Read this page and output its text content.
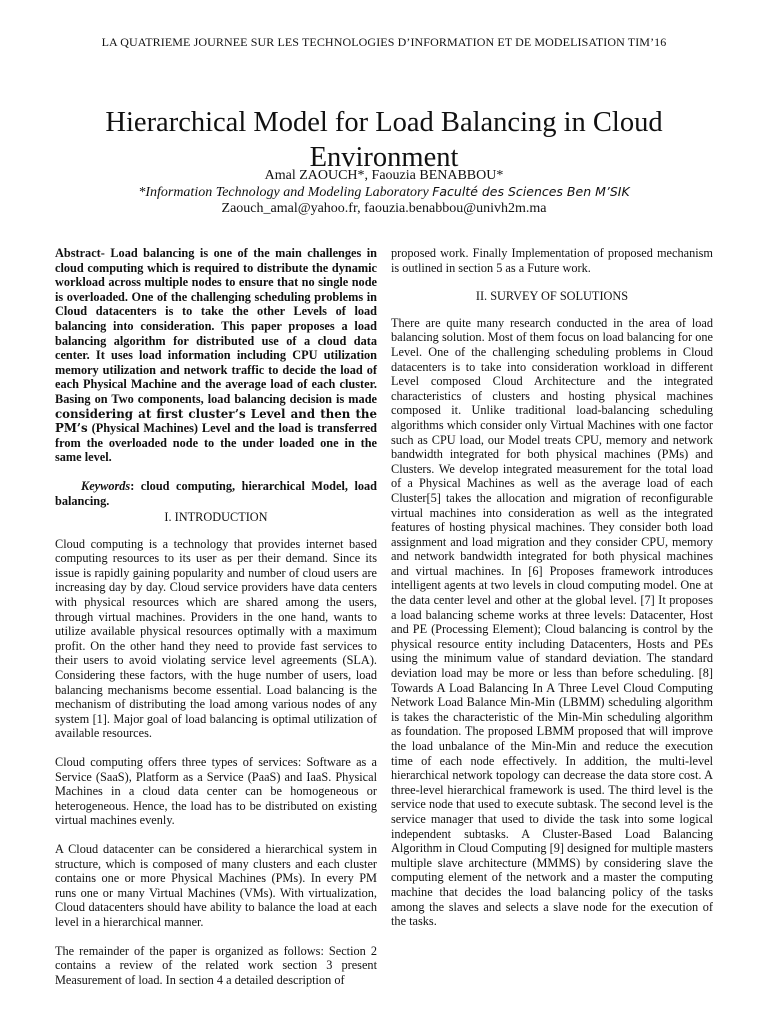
LA QUATRIEME JOURNEE SUR LES TECHNOLOGIES D’INFORMATION ET DE MODELISATION TIM’16
Hierarchical Model for Load Balancing in Cloud Environment
Amal ZAOUCH*, Faouzia BENABBOU*
*Information Technology and Modeling Laboratory Faculté des Sciences Ben M’SIK
Zaouch_amal@yahoo.fr, faouzia.benabbou@univh2m.ma

Abstract- Load balancing is one of the main challenges in cloud computing which is required to distribute the dynamic workload across multiple nodes to ensure that no single node is overloaded. One of the challenging scheduling problems in Cloud datacenters is to take the other Levels of load balancing into consideration. This paper proposes a load balancing algorithm for distributed use of a cloud data center. It uses load information including CPU utilization memory utilization and network traffic to decide the load of each Physical Machine and the average load of each cluster. Basing on Two components, load balancing decision is made considering at first cluster’s Level and then the PM’s (Physical Machines) Level and the load is transferred from the overloaded node to the under loaded one in the same level.

Keywords: cloud computing, hierarchical Model, load balancing.

I. INTRODUCTION

Cloud computing is a technology that provides internet based computing resources to its user as per their demand. Since its issue is rapidly gaining popularity and number of cloud users are increasing day by day. Cloud service providers have data centers with physical resources which are shared among the users, through virtual machines. Providers in the one hand, wants to utilize available physical resources optimally with a maximum profit. On the other hand they need to provide fast services to their users to avoid violating service level agreements (SLA). Considering these factors, with the huge number of users, load balancing mechanisms become essential. Load balancing is the mechanism of distributing the load among various nodes of any system [1]. Major goal of load balancing is optimal utilization of available resources.

Cloud computing offers three types of services: Software as a Service (SaaS), Platform as a Service (PaaS) and IaaS. Physical Machines in a cloud data center can be homogeneous or heterogeneous. Hence, the load has to be distributed on existing virtual machines evenly.

A Cloud datacenter can be considered a hierarchical system in structure, which is composed of many clusters and each cluster contains one or more Physical Machines (PMs). In every PM runs one or many Virtual Machines (VMs). With virtualization, Cloud datacenters should have ability to balance the load at each level in a hierarchical manner.

The remainder of the paper is organized as follows: Section 2 contains a review of the related work section 3 present Measurement of load. In section 4 a detailed description of

proposed work. Finally Implementation of proposed mechanism is outlined in section 5 as a Future work.

II. SURVEY OF SOLUTIONS

There are quite many research conducted in the area of load balancing solution. Most of them focus on load balancing for one Level. One of the challenging scheduling problems in Cloud datacenters is to take into consideration workload in different Level composed Cloud Architecture and the integrated characteristics of clusters and hosting physical machines composed it. Unlike traditional load-balancing scheduling algorithms which consider only Virtual Machines with one factor such as CPU load, our Model treats CPU, memory and network bandwidth integrated for both physical machines (PMs) and Clusters. We develop integrated measurement for the total load of a Physical Machines as well as the average load of each Cluster[5] takes the allocation and migration of reconfigurable virtual machines into consideration as well as the integrated features of hosting physical machines. They consider both load assignment and load migration and they consider CPU, memory and network bandwidth integrated for both physical machines and virtual machines. In [6] Proposes framework introduces intelligent agents at two levels in cloud computing model. One at the data center level and other at the global level. [7] It proposes a load balancing scheme works at three levels: Datacenter, Host and PE (Processing Element); Cloud balancing is control by the physical resource entity including Datacenters, Hosts and PEs using the minimum value of standard deviation. The standard deviation load may be more or less than before scheduling. [8] Towards A Load Balancing In A Three Level Cloud Computing Network Load Balance Min-Min (LBMM) scheduling algorithm is takes the characteristic of the Min-Min scheduling algorithm as foundation. The proposed LBMM proposed that will improve the load unbalance of the Min-Min and reduce the execution time of each node effectively. In addition, the multi-level hierarchical network topology can decrease the data store cost. A three-level hierarchical framework is used. The third level is the service node that used to execute subtask. The second level is the service manager that used to divide the task into some logical independent subtasks. A Cluster-Based Load Balancing Algorithm in Cloud Computing [9] designed for multiple masters multiple slave architecture (MMMS) by considering slave the computing element of the network and a master the computing machine that decides the load balancing policy of the tasks among the slaves and selects a slave node for the execution of the tasks.
